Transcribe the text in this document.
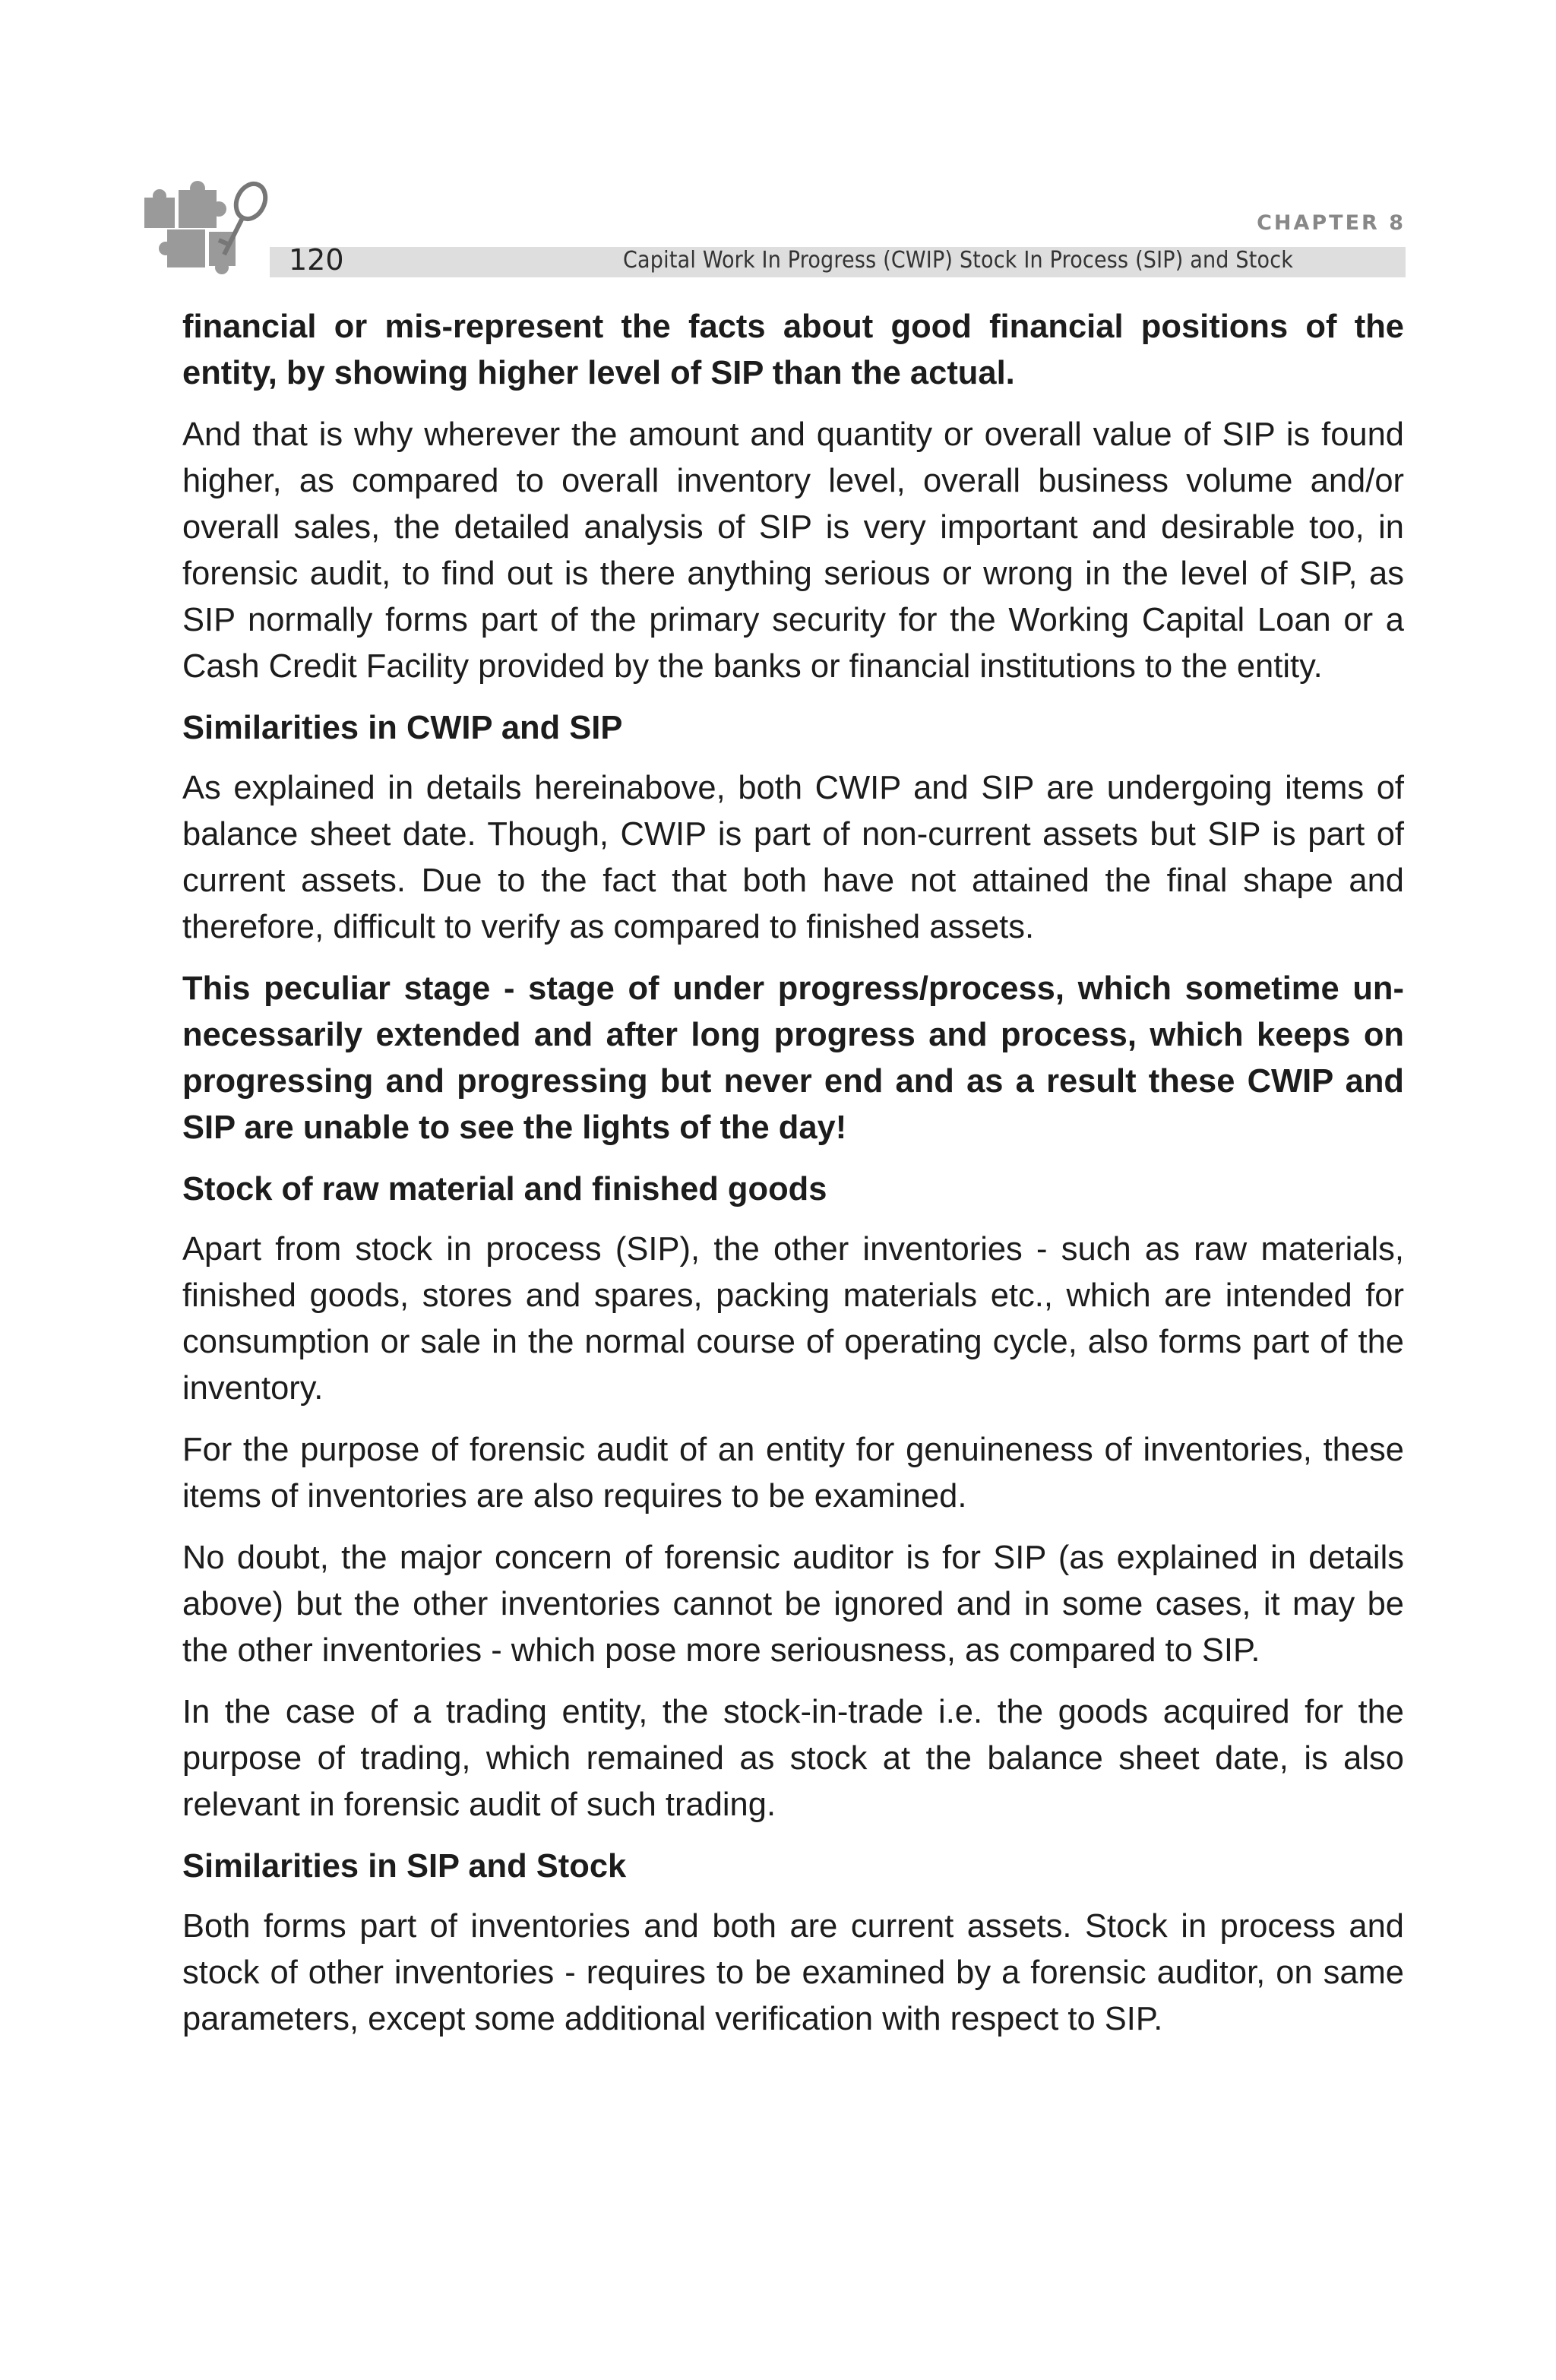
CHAPTER 8
120	Capital Work In Progress (CWIP) Stock In Process (SIP) and Stock

financial or mis-represent the facts about good financial positions of the entity, by showing higher level of SIP than the actual.

And that is why wherever the amount and quantity or overall value of SIP is found higher, as compared to overall inventory level, overall business volume and/or overall sales, the detailed analysis of SIP is very important and desirable too, in forensic audit, to find out is there anything serious or wrong in the level of SIP, as SIP normally forms part of the primary security for the Working Capital Loan or a Cash Credit Facility provided by the banks or financial institutions to the entity.

Similarities in CWIP and SIP

As explained in details hereinabove, both CWIP and SIP are undergoing items of balance sheet date. Though, CWIP is part of non-current assets but SIP is part of current assets. Due to the fact that both have not attained the final shape and therefore, difficult to verify as compared to finished assets.

This peculiar stage - stage of under progress/process, which sometime un-necessarily extended and after long progress and process, which keeps on progressing and progressing but never end and as a result these CWIP and SIP are unable to see the lights of the day!

Stock of raw material and finished goods

Apart from stock in process (SIP), the other inventories - such as raw materials, finished goods, stores and spares, packing materials etc., which are intended for consumption or sale in the normal course of operating cycle, also forms part of the inventory.

For the purpose of forensic audit of an entity for genuineness of inventories, these items of inventories are also requires to be examined.

No doubt, the major concern of forensic auditor is for SIP (as explained in details above) but the other inventories cannot be ignored and in some cases, it may be the other inventories - which pose more seriousness, as compared to SIP.

In the case of a trading entity, the stock-in-trade i.e. the goods acquired for the purpose of trading, which remained as stock at the balance sheet date, is also relevant in forensic audit of such trading.

Similarities in SIP and Stock

Both forms part of inventories and both are current assets. Stock in process and stock of other inventories - requires to be examined by a forensic auditor, on same parameters, except some additional verification with respect to SIP.
